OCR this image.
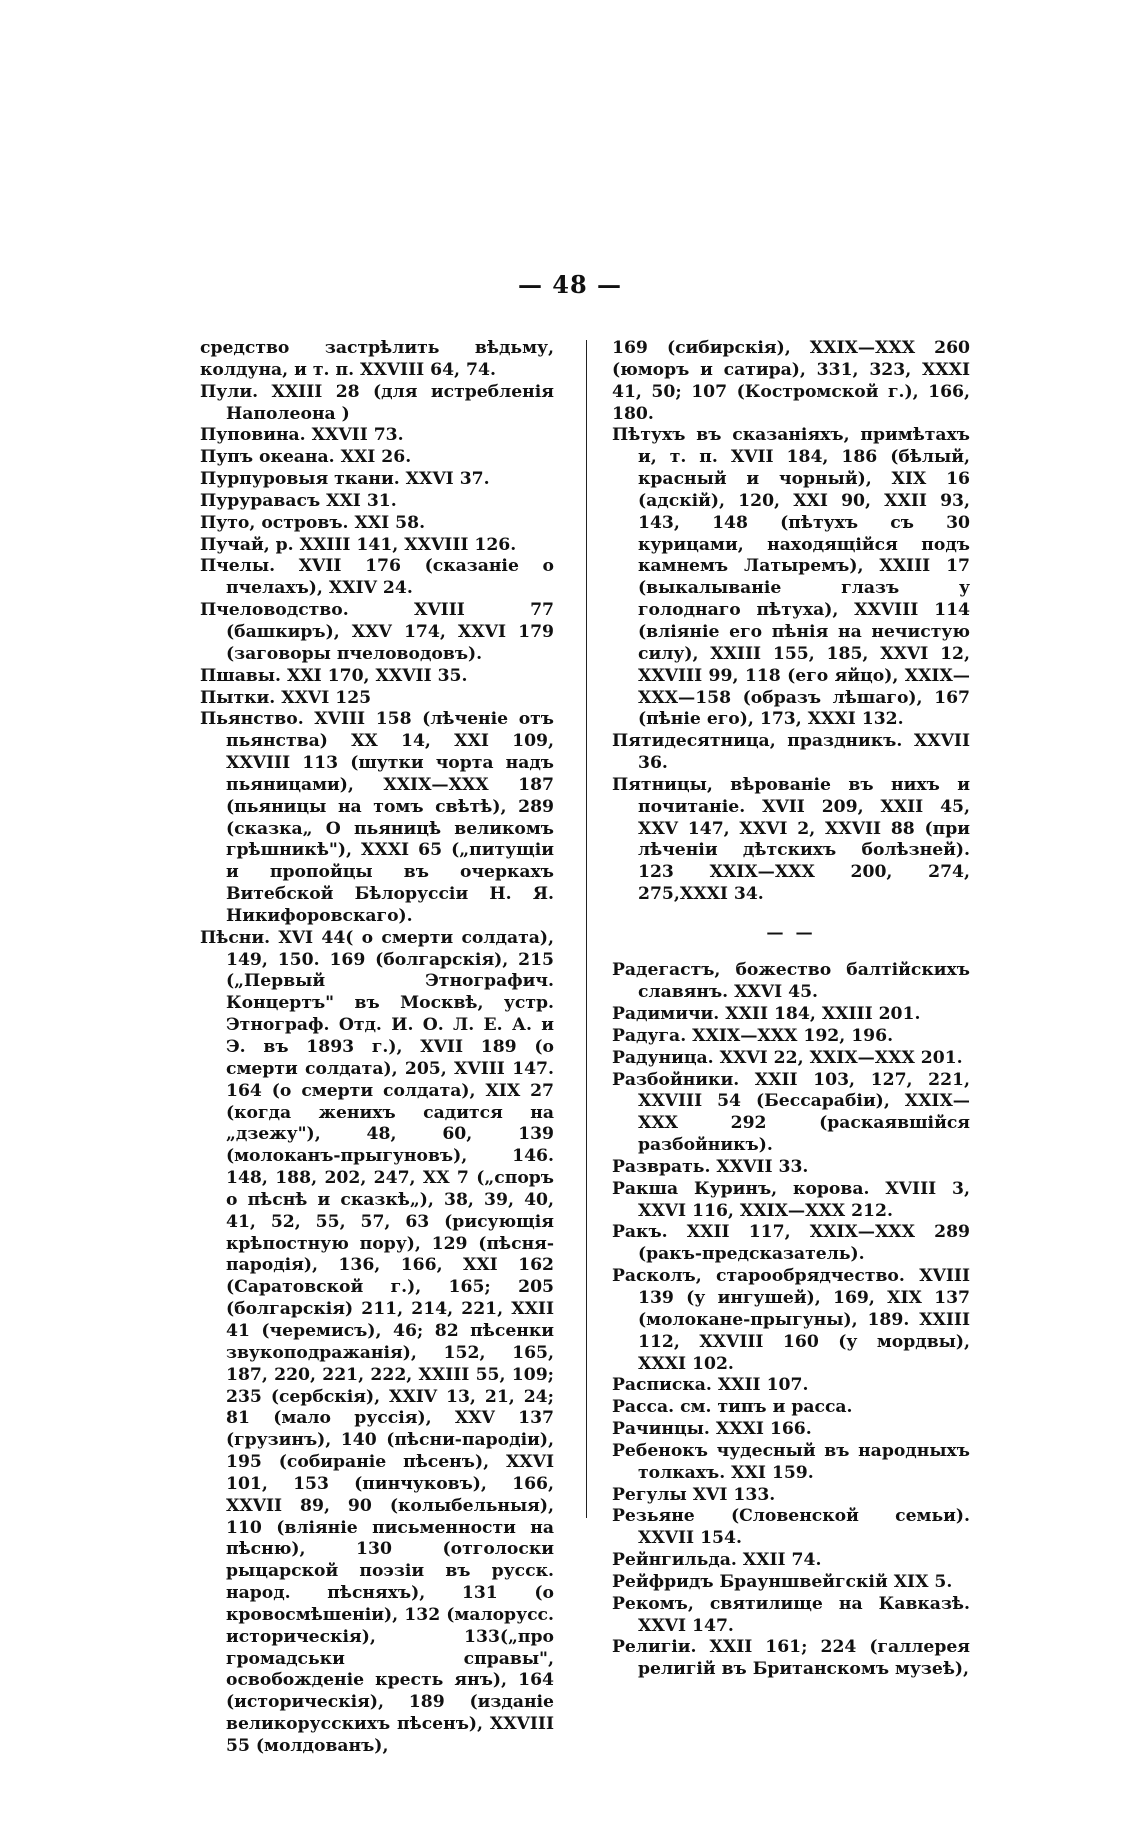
— 48 —

средство застрѣлить вѣдьму, колдуна, и т. п. XXVIII 64, 74.

Пули. XXIII 28 (для истребленія Наполеона )

Пуповина. XXVII 73.

Пупъ океана. XXI 26.

Пурпуровыя ткани. XXVI 37.

Пуруравасъ XXI 31.

Путо, островъ. XXI 58.

Пучай, р. XXIII 141, XXVIII 126.

Пчелы. XVII 176 (сказаніе о пчелахъ), XXIV 24.

Пчеловодство. XVIII 77 (башкиръ), XXV 174, XXVI 179 (заговоры пчеловодовъ).

Пшавы. XXI 170, XXVII 35.

Пытки. XXVI 125

Пьянство. XVIII 158 (лѣченіе отъ пьянства) XX 14, XXI 109, XXVIII 113 (шутки чорта надъ пьяницами), XXIX—XXX 187 (пьяницы на томъ свѣтѣ), 289 (сказка„ О пьяницѣ великомъ грѣшникѣ"), XXXI 65 („питущіи и пропойцы въ очеркахъ Витебской Бѣлоруссіи Н. Я. Никифоровскаго).

Пѣсни. XVI 44( о смерти солдата), 149, 150. 169 (болгарскія), 215 („Первый Этнографич. Концертъ" въ Москвѣ, устр. Этнограф. Отд. И. О. Л. Е. А. и Э. въ 1893 г.), XVII 189 (о смерти солдата), 205, XVIII 147. 164 (о смерти солдата), XIX 27 (когда женихъ садится на „дзежу"), 48, 60, 139 (молоканъ-прыгуновъ), 146. 148, 188, 202, 247, XX 7 („споръ о пѣснѣ и сказкѣ„), 38, 39, 40, 41, 52, 55, 57, 63 (рисующія крѣпостную пору), 129 (пѣсня-пародія), 136, 166, XXI 162 (Саратовской г.), 165; 205 (болгарскія) 211, 214, 221, XXII 41 (черемисъ), 46; 82 пѣсенки звукоподражанія), 152, 165, 187, 220, 221, 222, XXIII 55, 109; 235 (сербскія), XXIV 13, 21, 24; 81 (мало руссія), XXV 137 (грузинъ), 140 (пѣсни-пародіи), 195 (собираніе пѣсенъ), XXVI 101, 153 (пинчуковъ), 166, XXVII 89, 90 (колыбельныя), 110 (вліяніе письменности на пѣсню), 130 (отголоски рыцарской поэзіи въ русск. народ. пѣсняхъ), 131 (о кровосмѣшеніи), 132 (малорусс. историческія), 133(„про громадськи справы", освобожденіе кресть янъ), 164 (историческія), 189 (изданіе великорусскихъ пѣсенъ), XXVIII 55 (молдованъ),

169 (сибирскія), XXIX—XXX 260 (юморъ и сатира), 331, 323, XXXI 41, 50; 107 (Костромской г.), 166, 180.

Пѣтухъ въ сказаніяхъ, примѣтахъ и, т. п. XVII 184, 186 (бѣлый, красный и чорный), XIX 16 (адскій), 120, XXI 90, XXII 93, 143, 148 (пѣтухъ съ 30 курицами, находящійся подъ камнемъ Латыремъ), XXIII 17 (выкалываніе глазъ у голоднаго пѣтуха), XXVIII 114 (вліяніе его пѣнія на нечистую силу), XXIII 155, 185, XXVI 12, XXVIII 99, 118 (его яйцо), XXIX—XXX—158 (образъ лѣшаго), 167 (пѣніе его), 173, XXXI 132.

Пятидесятница, праздникъ. XXVII 36.

Пятницы, вѣрованіе въ нихъ и почитаніе. XVII 209, XXII 45, XXV 147, XXVI 2, XXVII 88 (при лѣченіи дѣтскихъ болѣзней). 123 XXIX—XXX 200, 274, 275,XXXI 34.

— —

Радегастъ, божество балтійскихъ славянъ. XXVI 45.

Радимичи. XXII 184, XXIII 201.

Радуга. XXIX—XXX 192, 196.

Радуница. XXVI 22, XXIX—XXX 201.

Разбойники. XXII 103, 127, 221, XXVIII 54 (Бессарабіи), XXIX—XXX 292 (раскаявшійся разбойникъ).

Разврать. XXVII 33.

Ракша Куринъ, корова. XVIII 3, XXVI 116, XXIX—XXX 212.

Ракъ. XXII 117, XXIX—XXX 289 (ракъ-предсказатель).

Расколъ, старообрядчество. XVIII 139 (у ингушей), 169, XIX 137 (молокане-прыгуны), 189. XXIII 112, XXVIII 160 (у мордвы), XXXI 102.

Расписка. XXII 107.

Расса. см. типъ и расса.

Рачинцы. XXXI 166.

Ребенокъ чудесный въ народныхъ толкахъ. XXI 159.

Регулы XVI 133.

Резьяне (Словенской семьи). XXVII 154.

Рейнгильда. XXII 74.

Рейфридъ Брауншвейгскій XIX 5.

Рекомъ, святилище на Кавказѣ. XXVI 147.

Религіи. XXII 161; 224 (галлерея религій въ Британскомъ музеѣ),
